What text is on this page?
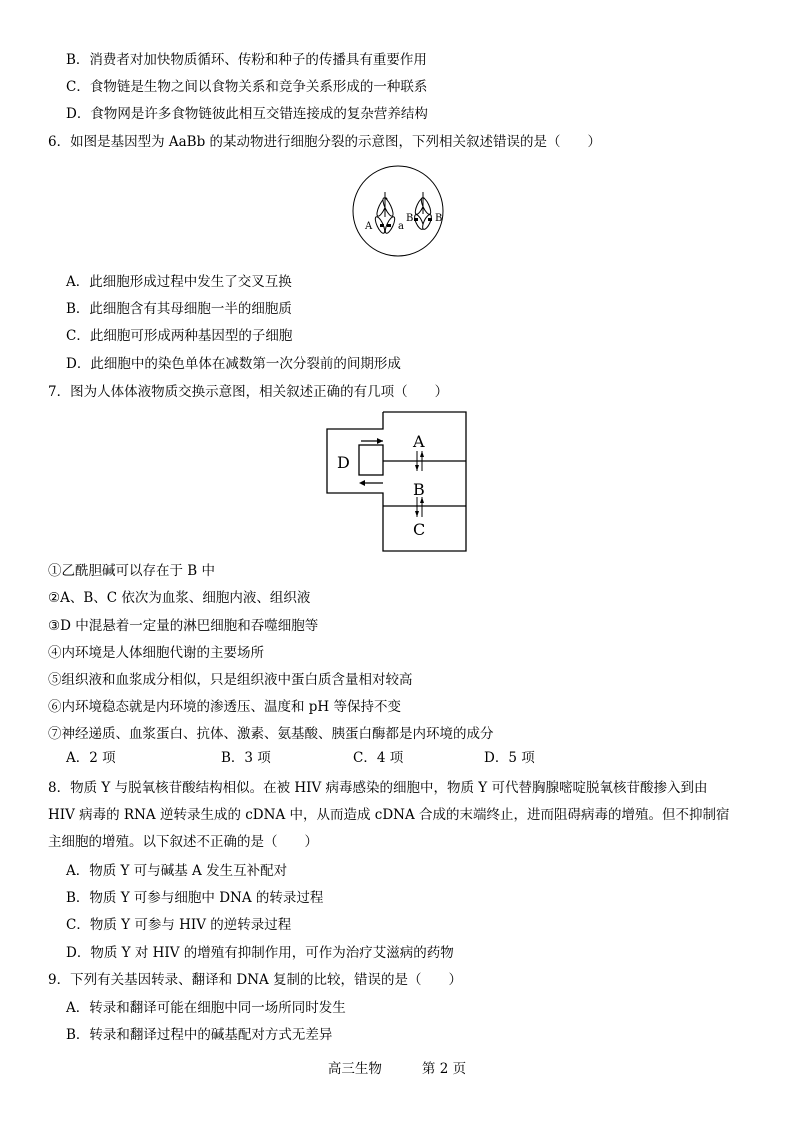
B．消费者对加快物质循环、传粉和种子的传播具有重要作用
C．食物链是生物之间以食物关系和竞争关系形成的一种联系
D．食物网是许多食物链彼此相互交错连接成的复杂营养结构
6．如图是基因型为 AaBb 的某动物进行细胞分裂的示意图，下列相关叙述错误的是（　　）
A	a
B B
A．此细胞形成过程中发生了交叉互换
B．此细胞含有其母细胞一半的细胞质
C．此细胞可形成两种基因型的子细胞
D．此细胞中的染色单体在减数第一次分裂前的间期形成
7．图为人体体液物质交换示意图，相关叙述正确的有几项（　　）
D
A
B
C
①乙酰胆碱可以存在于 B 中
②A、B、C 依次为血浆、细胞内液、组织液
③D 中混悬着一定量的淋巴细胞和吞噬细胞等
④内环境是人体细胞代谢的主要场所
⑤组织液和血浆成分相似，只是组织液中蛋白质含量相对较高
⑥内环境稳态就是内环境的渗透压、温度和 pH 等保持不变
⑦神经递质、血浆蛋白、抗体、激素、氨基酸、胰蛋白酶都是内环境的成分
A．2 项	B．3 项	C．4 项	D．5 项
8．物质 Y 与脱氧核苷酸结构相似。在被 HIV 病毒感染的细胞中，物质 Y 可代替胸腺嘧啶脱氧核苷酸掺入到由
HIV 病毒的 RNA 逆转录生成的 cDNA 中，从而造成 cDNA 合成的末端终止，进而阻碍病毒的增殖。但不抑制宿
主细胞的增殖。以下叙述不正确的是（　　）
A．物质 Y 可与碱基 A 发生互补配对
B．物质 Y 可参与细胞中 DNA 的转录过程
C．物质 Y 可参与 HIV 的逆转录过程
D．物质 Y 对 HIV 的增殖有抑制作用，可作为治疗艾滋病的药物
9．下列有关基因转录、翻译和 DNA 复制的比较，错误的是（　　）
A．转录和翻译可能在细胞中同一场所同时发生
B．转录和翻译过程中的碱基配对方式无差异
高三生物	第 2 页
